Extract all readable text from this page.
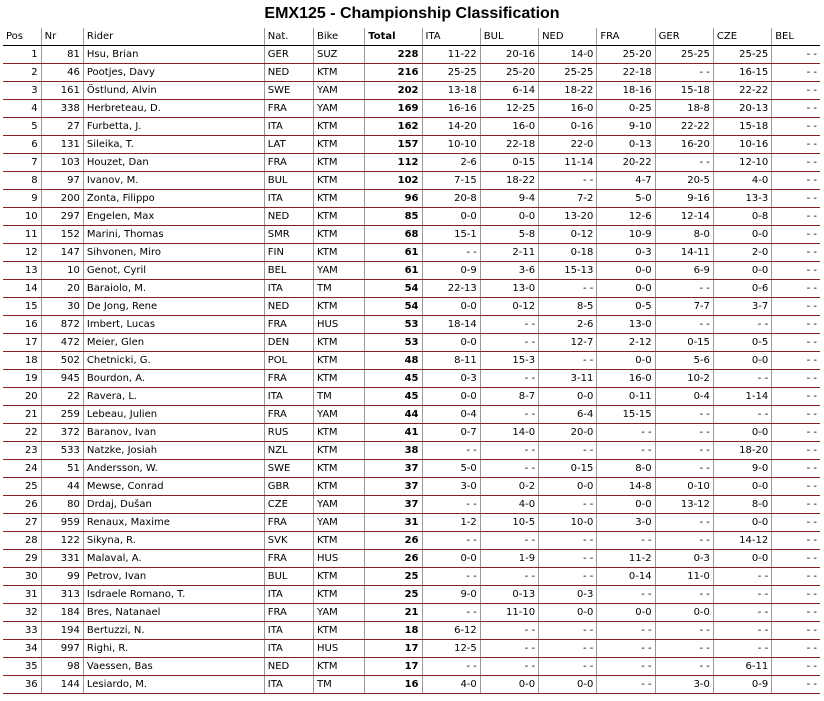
EMX125 - Championship Classification
Pos	Nr	Rider	Nat.	Bike	Total	ITA	BUL	NED	FRA	GER	CZE	BEL
1	81	Hsu, Brian	GER	SUZ	228	11-22	20-16	14-0	25-20	25-25	25-25	- -
2	46	Pootjes, Davy	NED	KTM	216	25-25	25-20	25-25	22-18	- -	16-15	- -
3	161	Östlund, Alvin	SWE	YAM	202	13-18	6-14	18-22	18-16	15-18	22-22	- -
4	338	Herbreteau, D.	FRA	YAM	169	16-16	12-25	16-0	0-25	18-8	20-13	- -
5	27	Furbetta, J.	ITA	KTM	162	14-20	16-0	0-16	9-10	22-22	15-18	- -
6	131	Sileika, T.	LAT	KTM	157	10-10	22-18	22-0	0-13	16-20	10-16	- -
7	103	Houzet, Dan	FRA	KTM	112	2-6	0-15	11-14	20-22	- -	12-10	- -
8	97	Ivanov, M.	BUL	KTM	102	7-15	18-22	- -	4-7	20-5	4-0	- -
9	200	Zonta, Filippo	ITA	KTM	96	20-8	9-4	7-2	5-0	9-16	13-3	- -
10	297	Engelen, Max	NED	KTM	85	0-0	0-0	13-20	12-6	12-14	0-8	- -
11	152	Marini, Thomas	SMR	KTM	68	15-1	5-8	0-12	10-9	8-0	0-0	- -
12	147	Sihvonen, Miro	FIN	KTM	61	- -	2-11	0-18	0-3	14-11	2-0	- -
13	10	Genot, Cyril	BEL	YAM	61	0-9	3-6	15-13	0-0	6-9	0-0	- -
14	20	Baraiolo, M.	ITA	TM	54	22-13	13-0	- -	0-0	- -	0-6	- -
15	30	De Jong, Rene	NED	KTM	54	0-0	0-12	8-5	0-5	7-7	3-7	- -
16	872	Imbert, Lucas	FRA	HUS	53	18-14	- -	2-6	13-0	- -	- -	- -
17	472	Meier, Glen	DEN	KTM	53	0-0	- -	12-7	2-12	0-15	0-5	- -
18	502	Chetnicki, G.	POL	KTM	48	8-11	15-3	- -	0-0	5-6	0-0	- -
19	945	Bourdon, A.	FRA	KTM	45	0-3	- -	3-11	16-0	10-2	- -	- -
20	22	Ravera, L.	ITA	TM	45	0-0	8-7	0-0	0-11	0-4	1-14	- -
21	259	Lebeau, Julien	FRA	YAM	44	0-4	- -	6-4	15-15	- -	- -	- -
22	372	Baranov, Ivan	RUS	KTM	41	0-7	14-0	20-0	- -	- -	0-0	- -
23	533	Natzke, Josiah	NZL	KTM	38	- -	- -	- -	- -	- -	18-20	- -
24	51	Andersson, W.	SWE	KTM	37	5-0	- -	0-15	8-0	- -	9-0	- -
25	44	Mewse, Conrad	GBR	KTM	37	3-0	0-2	0-0	14-8	0-10	0-0	- -
26	80	Drdaj, Dušan	CZE	YAM	37	- -	4-0	- -	0-0	13-12	8-0	- -
27	959	Renaux, Maxime	FRA	YAM	31	1-2	10-5	10-0	3-0	- -	0-0	- -
28	122	Sikyna, R.	SVK	KTM	26	- -	- -	- -	- -	- -	14-12	- -
29	331	Malaval, A.	FRA	HUS	26	0-0	1-9	- -	11-2	0-3	0-0	- -
30	99	Petrov, Ivan	BUL	KTM	25	- -	- -	- -	0-14	11-0	- -	- -
31	313	Isdraele Romano, T.	ITA	KTM	25	9-0	0-13	0-3	- -	- -	- -	- -
32	184	Bres, Natanael	FRA	YAM	21	- -	11-10	0-0	0-0	0-0	- -	- -
33	194	Bertuzzi, N.	ITA	KTM	18	6-12	- -	- -	- -	- -	- -	- -
34	997	Righi, R.	ITA	HUS	17	12-5	- -	- -	- -	- -	- -	- -
35	98	Vaessen, Bas	NED	KTM	17	- -	- -	- -	- -	- -	6-11	- -
36	144	Lesiardo, M.	ITA	TM	16	4-0	0-0	0-0	- -	3-0	0-9	- -
